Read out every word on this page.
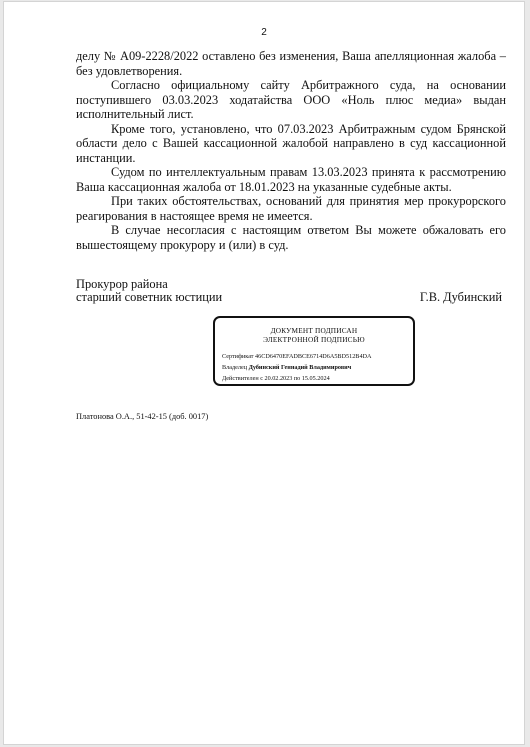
2

делу № А09-2228/2022 оставлено без изменения, Ваша апелляционная жалоба – без удовлетворения.

Согласно официальному сайту Арбитражного суда, на основании поступившего 03.03.2023 ходатайства ООО «Ноль плюс медиа» выдан исполнительный лист.

Кроме того, установлено, что 07.03.2023 Арбитражным судом Брянской области дело с Вашей кассационной жалобой направлено в суд кассационной инстанции.

Судом по интеллектуальным правам 13.03.2023 принята к рассмотрению Ваша кассационная жалоба от 18.01.2023 на указанные судебные акты.

При таких обстоятельствах, оснований для принятия мер прокурорского реагирования в настоящее время не имеется.

В случае несогласия с настоящим ответом Вы можете обжаловать его вышестоящему прокурору и (или) в суд.

Прокурор района
старший советник юстиции	Г.В. Дубинский
ДОКУМЕНТ ПОДПИСАН
ЭЛЕКТРОННОЙ ПОДПИСЬЮ
Сертификат 46CD6470EFADBCE6714D6A5BD512B4DA
Владелец Дубинский Геннадий Владимирович
Действителен с 20.02.2023 по 15.05.2024
Платонова О.А., 51-42-15 (доб. 0017)
